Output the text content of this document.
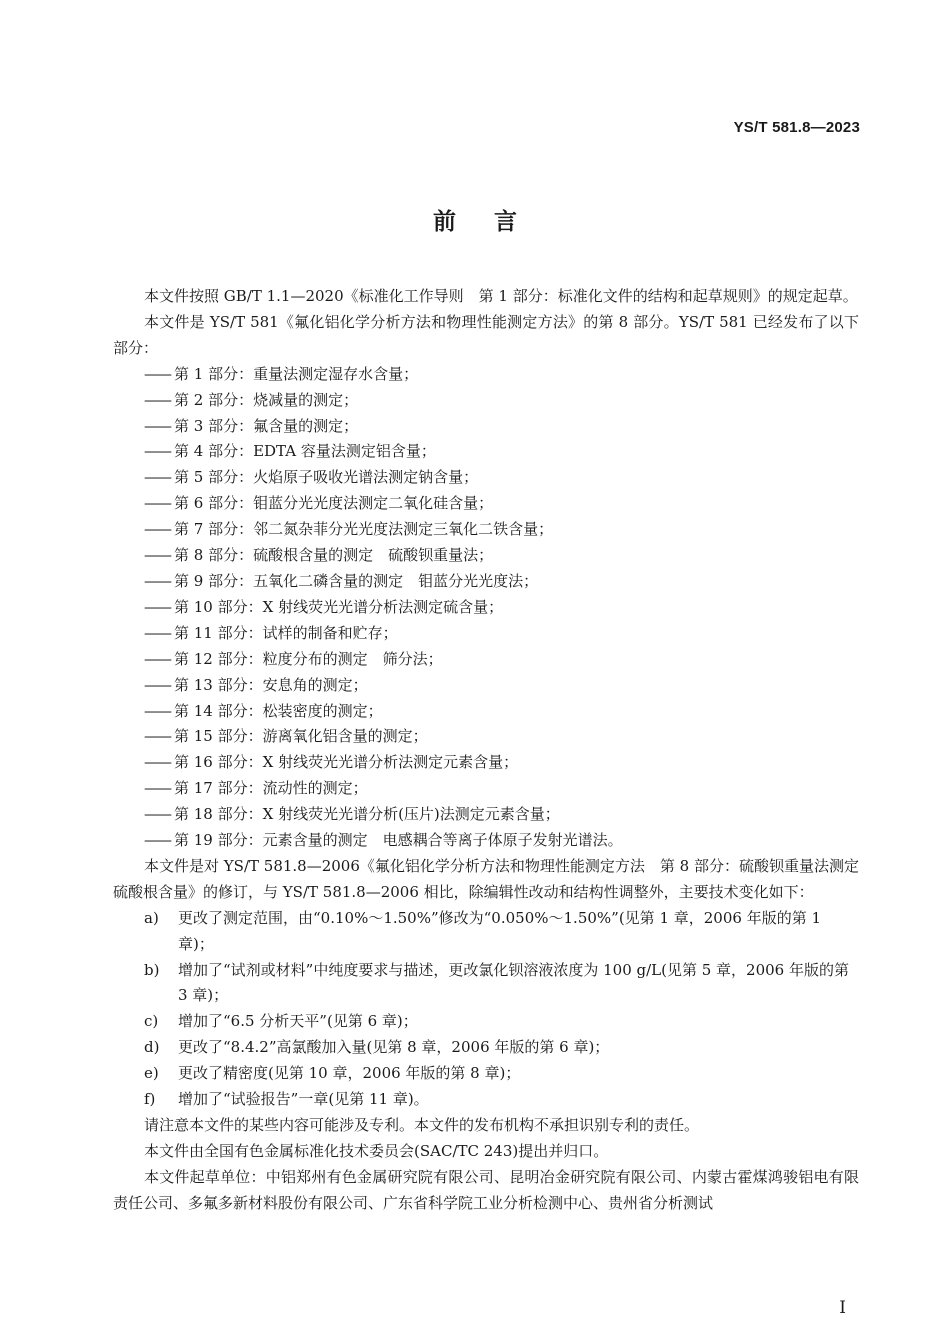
YS/T 581.8—2023
前言

本文件按照 GB/T 1.1—2020《标准化工作导则　第 1 部分：标准化文件的结构和起草规则》的规定起草。

本文件是 YS/T 581《氟化铝化学分析方法和物理性能测定方法》的第 8 部分。YS/T 581 已经发布了以下部分：

—— 第 1 部分：重量法测定湿存水含量；
—— 第 2 部分：烧减量的测定；
—— 第 3 部分：氟含量的测定；
—— 第 4 部分：EDTA 容量法测定铝含量；
—— 第 5 部分：火焰原子吸收光谱法测定钠含量；
—— 第 6 部分：钼蓝分光光度法测定二氧化硅含量；
—— 第 7 部分：邻二氮杂菲分光光度法测定三氧化二铁含量；
—— 第 8 部分：硫酸根含量的测定　硫酸钡重量法；
—— 第 9 部分：五氧化二磷含量的测定　钼蓝分光光度法；
—— 第 10 部分：X 射线荧光光谱分析法测定硫含量；
—— 第 11 部分：试样的制备和贮存；
—— 第 12 部分：粒度分布的测定　筛分法；
—— 第 13 部分：安息角的测定；
—— 第 14 部分：松装密度的测定；
—— 第 15 部分：游离氧化铝含量的测定；
—— 第 16 部分：X 射线荧光光谱分析法测定元素含量；
—— 第 17 部分：流动性的测定；
—— 第 18 部分：X 射线荧光光谱分析(压片)法测定元素含量；
—— 第 19 部分：元素含量的测定　电感耦合等离子体原子发射光谱法。

本文件是对 YS/T 581.8—2006《氟化铝化学分析方法和物理性能测定方法　第 8 部分：硫酸钡重量法测定硫酸根含量》的修订，与 YS/T 581.8—2006 相比，除编辑性改动和结构性调整外，主要技术变化如下：

a) 更改了测定范围，由“0.10%～1.50%”修改为“0.050%～1.50%”(见第 1 章，2006 年版的第 1 章)；
b) 增加了“试剂或材料”中纯度要求与描述，更改氯化钡溶液浓度为 100 g/L(见第 5 章，2006 年版的第 3 章)；
c) 增加了“6.5 分析天平”(见第 6 章)；
d) 更改了“8.4.2”高氯酸加入量(见第 8 章，2006 年版的第 6 章)；
e) 更改了精密度(见第 10 章，2006 年版的第 8 章)；
f) 增加了“试验报告”一章(见第 11 章)。

请注意本文件的某些内容可能涉及专利。本文件的发布机构不承担识别专利的责任。

本文件由全国有色金属标准化技术委员会(SAC/TC 243)提出并归口。

本文件起草单位：中铝郑州有色金属研究院有限公司、昆明冶金研究院有限公司、内蒙古霍煤鸿骏铝电有限责任公司、多氟多新材料股份有限公司、广东省科学院工业分析检测中心、贵州省分析测试

I
